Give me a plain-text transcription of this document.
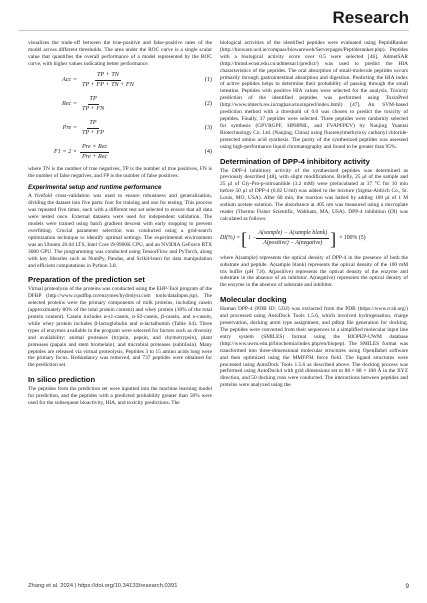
Research

visualizes the trade-off between the true-positive and false-positive rates of the model across different thresholds. The area under the ROC curve is a single scalar value that quantifies the overall performance of a model represented by the ROC curve, with higher values indicating better performance.

Acc = $\frac{TP + TN}{TP + FP + TN + FN}$	(1)
Rec = $\frac{TP}{TP + FN}$	(2)
Pre = $\frac{TP}{TP + FP}$	(3)
$F1 = 2 \times \frac{\text{Pre × Rec}}{\text{Pre + Rec}}$	(4)

where TN is the number of true negatives, TP is the number of true positives, FN is the number of false negatives, and FP is the number of false positives.

Experimental setup and runtime performance

A fivefold cross-validation was used to ensure robustness and generalization, dividing the dataset into five parts: four for training and one for testing. This process was repeated five times, each with a different test set selected to ensure that all data were tested once. External datasets were used for independent validation. The models were trained using batch gradient descent with early stopping to prevent overfitting. Crucial parameter selection was conducted using a grid-search optimization technique to identify optimal settings. The experimental environment was an Ubuntu 20.04 LTS, Intel Core i9-9900K CPU, and an NVIDIA GeForce RTX 3080 GPU. The programming was conducted using TensorFlow and PyTorch, along with key libraries such as NumPy, Pandas, and Scikit-learn for data manipulation and efficient computations in Python 3.8.

Preparation of the prediction set

Virtual proteolysis of the proteins was conducted using the EHP-Tool program of the DFBP (http://www.cqudfbp.cn/enzymes/hydrolysi.com tools/dataInput.jsp). The selected proteins were the primary components of milk proteins, including casein (approximately 80% of the total protein content) and whey protein (18% of the total protein content). Casein includes α-s1-casein, α-S2-casein, β-casein, and κ-casein, while whey protein includes β-lactoglobulin and α-lactalbumin (Table S4). Three types of enzymes available in the program were selected for factors such as diversity and availability: animal proteases (trypsin, pepsin, and chymotrypsin), plant proteases (papain and stem bromelain), and microbial proteases (subtilisin). Many peptides are released via virtual proteolysis. Peptides 3 to 15 amino acids long were the primary focus. Redundancy was removed, and 737 peptides were obtained for the prediction set.

In silico prediction

The peptides from the prediction set were inputted into the machine learning model for prediction, and the peptides with a predicted probability greater than 50% were used for the subsequent bioactivity, HIA, and toxicity predictions. The

biological activities of the identified peptides were evaluated using PeptidRanker (http://bioware.ucd.ie/compass/biowareweb/Serverpages/Peptideranker.php). Peptides with a biological activity score over 0.5 were selected [46]. AdmetSAR (http://lmmd.ecust.edu.cn/admetsar1/predict/) was used to predict the HIA characteristics of the peptides. The oral absorption of small-molecule peptides occurs primarily through gastrointestinal absorption and digestion. Predicting the HIA index of active peptides helps to determine their probability of passing through the small intestine. Peptides with positive HIA values were selected for the analysis. Toxicity prediction of the identified peptides was performed using ToxinPred (http://www.imtech.res.in/raghava/toxinpred/index.html) [47]. An SVM-based prediction method with a threshold of 0.0 was chosen to predict the toxicity of peptides. Finally, 37 peptides were selected. Three peptides were randomly selected for synthesis (GPVRGPF, HPHPHL, and FVAPFPEV) by Nanjing Yuantai Biotechnology Co. Ltd. (Nanjing, China) using fluorenylmethyloxy carbonyl chloride-protected amino acid synthesis. The purity of the synthesized peptides was assessed using high-performance liquid chromatography and found to be greater than 95%.

Determination of DPP-4 inhibitory activity

The DPP-4 inhibitory activity of the synthesized peptides was determined as previously described [48], with slight modifications. Briefly, 25 μl of the sample and 25 μl of Gly-Pro-p-nitroanilide (3.2 mM) were preincubated at 37 °C for 10 min before 50 μl of DPP-4 (0.02 U/ml) was added to the mixture (Sigma-Aldrich Co., St. Louis, MO, USA). After 60 min, the reaction was halted by adding 100 μl of 1 M sodium acetate solution. The absorbance at 405 nm was measured using a microplate reader (Thermo Fisher Scientific, Waltham, MA, USA). DPP-4 inhibition (DI) was calculated as follows:

DI(%) = [ $1 - \frac{\text{A(sample) − A(sample blank)}}{\text{A(positive) − A(negative)}}$ ] × 100% (5)

where A(sample) represents the optical density of DPP-4 in the presence of both the substrate and peptide. A(sample blank) represents the optical density of the 100 mM tris buffer (pH 7.8). A(positive) represents the optical density of the enzyme and substrate in the absence of an inhibitor. A(negative) represents the optical density of the enzyme in the absence of substrate and inhibitor.

Molecular docking

Human DPP-4 (PDB ID: 5J3J) was extracted from the PDB (https://www.rcsb.org/) and processed using AutoDock Tools 1.5.6, which involved hydrogenation, charge preservation, docking atom type assignment, and pdbqt file generation for docking. The peptides were converted from their sequences to a simplified molecular input line entry system (SMILES) format using the BIOPEP-UWM database (http://www.uwm.edu.pl/biochemia/index.php/en/biopep). The SMILES format was transformed into three-dimensional molecular structures using OpenBabel software and then optimized using the MMFF94 force field. The ligand structures were processed using AutoDock Tools 1.5.6 as described above. The docking process was performed using AutoDock4 with grid dimensions set to 88 × 88 × 108 Å in the XYZ direction, and 50 docking runs were conducted. The interactions between peptides and proteins were analyzed using the

Zhang et al. 2024 | https://doi.org/10.34133/research.0391	9
